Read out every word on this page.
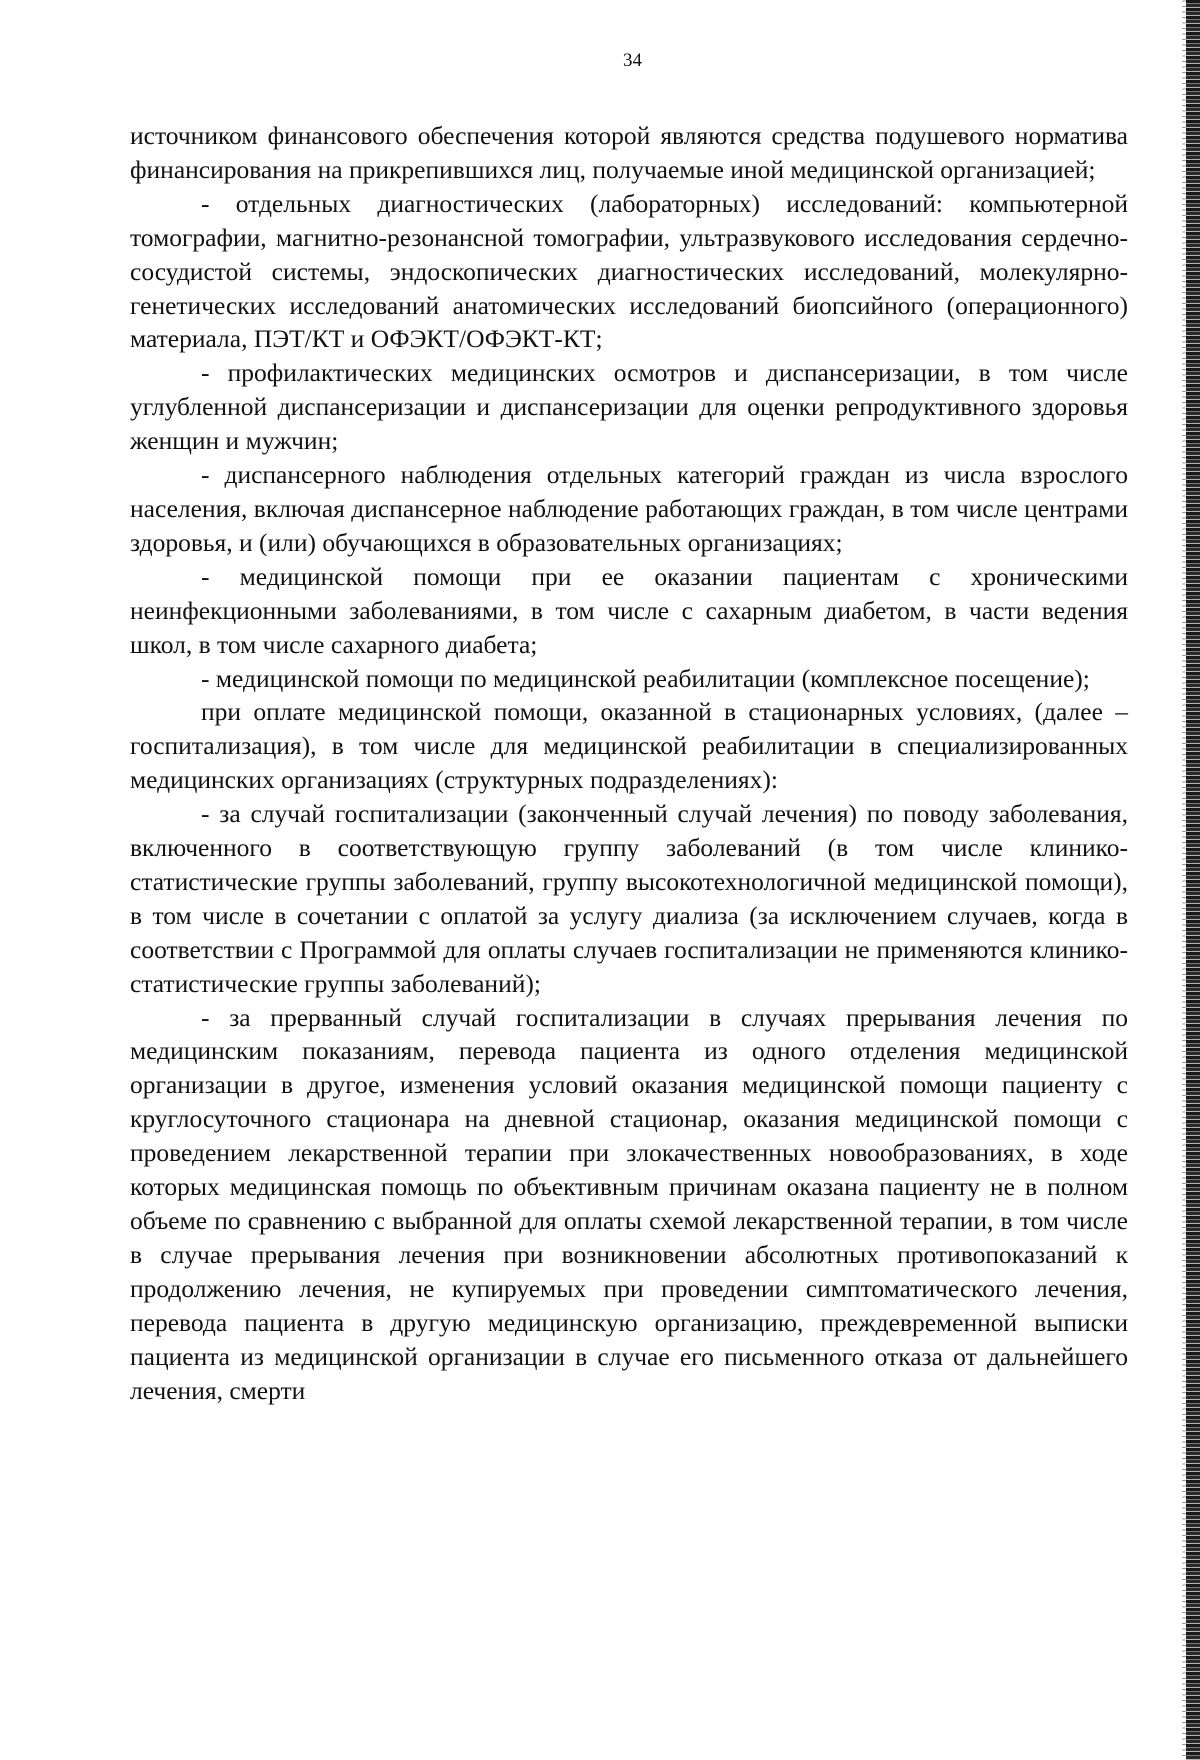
34

источником финансового обеспечения которой являются средства подушевого норматива финансирования на прикрепившихся лиц, получаемые иной медицинской организацией;

- отдельных диагностических (лабораторных) исследований: компьютерной томографии, магнитно-резонансной томографии, ультразвукового исследования сердечно-сосудистой системы, эндоскопических диагностических исследований, молекулярно-генетических исследований анатомических исследований биопсийного (операционного) материала, ПЭТ/КТ и ОФЭКТ/ОФЭКТ-КТ;

- профилактических медицинских осмотров и диспансеризации, в том числе углубленной диспансеризации и диспансеризации для оценки репродуктивного здоровья женщин и мужчин;

- диспансерного наблюдения отдельных категорий граждан из числа взрослого населения, включая диспансерное наблюдение работающих граждан, в том числе центрами здоровья, и (или) обучающихся в образовательных организациях;

- медицинской помощи при ее оказании пациентам с хроническими неинфекционными заболеваниями, в том числе с сахарным диабетом, в части ведения школ, в том числе сахарного диабета;

- медицинской помощи по медицинской реабилитации (комплексное посещение);

при оплате медицинской помощи, оказанной в стационарных условиях, (далее – госпитализация), в том числе для медицинской реабилитации в специализированных медицинских организациях (структурных подразделениях):

- за случай госпитализации (законченный случай лечения) по поводу заболевания, включенного в соответствующую группу заболеваний (в том числе клинико-статистические группы заболеваний, группу высокотехнологичной медицинской помощи), в том числе в сочетании с оплатой за услугу диализа (за исключением случаев, когда в соответствии с Программой для оплаты случаев госпитализации не применяются клинико-статистические группы заболеваний);

- за прерванный случай госпитализации в случаях прерывания лечения по медицинским показаниям, перевода пациента из одного отделения медицинской организации в другое, изменения условий оказания медицинской помощи пациенту с круглосуточного стационара на дневной стационар, оказания медицинской помощи с проведением лекарственной терапии при злокачественных новообразованиях, в ходе которых медицинская помощь по объективным причинам оказана пациенту не в полном объеме по сравнению с выбранной для оплаты схемой лекарственной терапии, в том числе в случае прерывания лечения при возникновении абсолютных противопоказаний к продолжению лечения, не купируемых при проведении симптоматического лечения, перевода пациента в другую медицинскую организацию, преждевременной выписки пациента из медицинской организации в случае его письменного отказа от дальнейшего лечения, смерти
